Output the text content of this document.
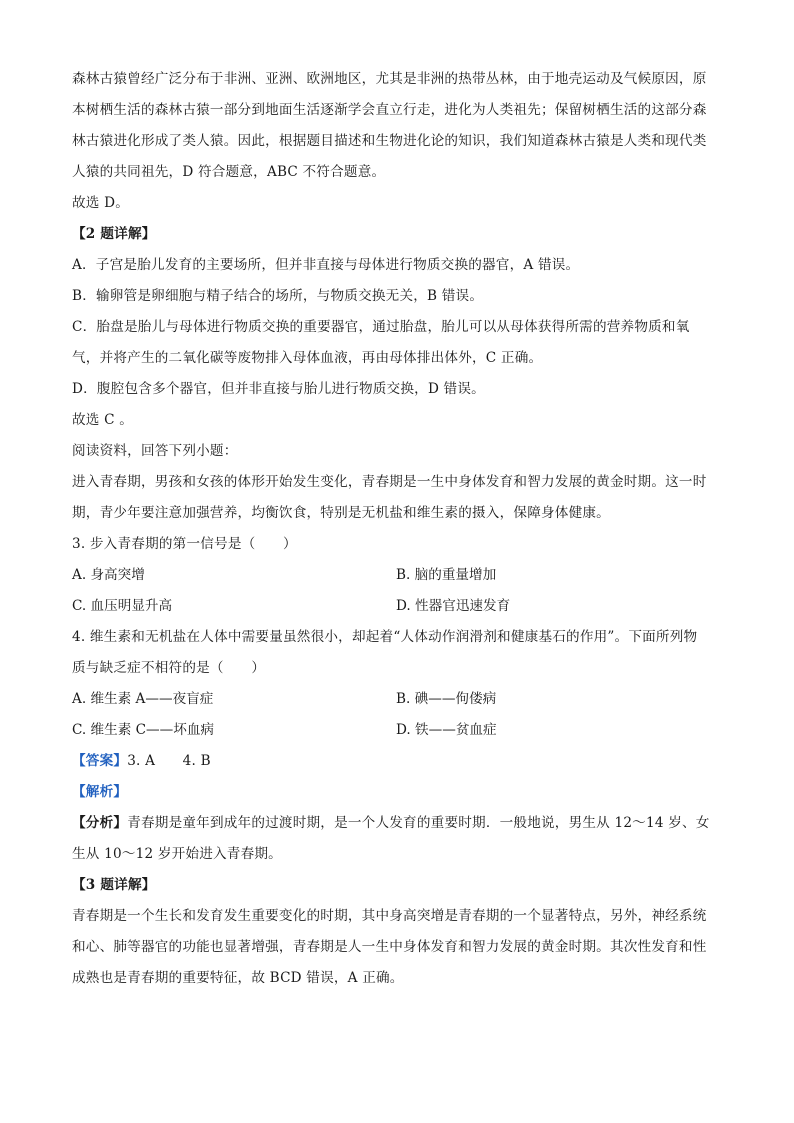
森林古猿曾经广泛分布于非洲、亚洲、欧洲地区，尤其是非洲的热带丛林，由于地壳运动及气候原因，原
本树栖生活的森林古猿一部分到地面生活逐渐学会直立行走，进化为人类祖先；保留树栖生活的这部分森
林古猿进化形成了类人猿。因此，根据题目描述和生物进化论的知识，我们知道森林古猿是人类和现代类
人猿的共同祖先，D 符合题意，ABC 不符合题意。
故选 D。
【2 题详解】
A．子宫是胎儿发育的主要场所，但并非直接与母体进行物质交换的器官，A 错误。
B．输卵管是卵细胞与精子结合的场所，与物质交换无关，B 错误。
C．胎盘是胎儿与母体进行物质交换的重要器官，通过胎盘，胎儿可以从母体获得所需的营养物质和氧
气，并将产生的二氧化碳等废物排入母体血液，再由母体排出体外，C 正确。
D．腹腔包含多个器官，但并非直接与胎儿进行物质交换，D 错误。
故选 C 。
阅读资料，回答下列小题：
进入青春期，男孩和女孩的体形开始发生变化，青春期是一生中身体发育和智力发展的黄金时期。这一时
期，青少年要注意加强营养，均衡饮食，特别是无机盐和维生素的摄入，保障身体健康。
3. 步入青春期的第一信号是（　　）
A. 身高突增	B. 脑的重量增加
C. 血压明显升高	D. 性器官迅速发育
4. 维生素和无机盐在人体中需要量虽然很小，却起着“人体动作润滑剂和健康基石的作用”。下面所列物
质与缺乏症不相符的是（　　）
A. 维生素 A——夜盲症	B. 碘——佝偻病
C. 维生素 C——坏血病	D. 铁——贫血症
【答案】3. A　　4. B
【解析】
【分析】青春期是童年到成年的过渡时期，是一个人发育的重要时期．一般地说，男生从 12～14 岁、女
生从 10～12 岁开始进入青春期。
【3 题详解】
青春期是一个生长和发育发生重要变化的时期，其中身高突增是青春期的一个显著特点，另外，神经系统
和心、肺等器官的功能也显著增强，青春期是人一生中身体发育和智力发展的黄金时期。其次性发育和性
成熟也是青春期的重要特征，故 BCD 错误，A 正确。
